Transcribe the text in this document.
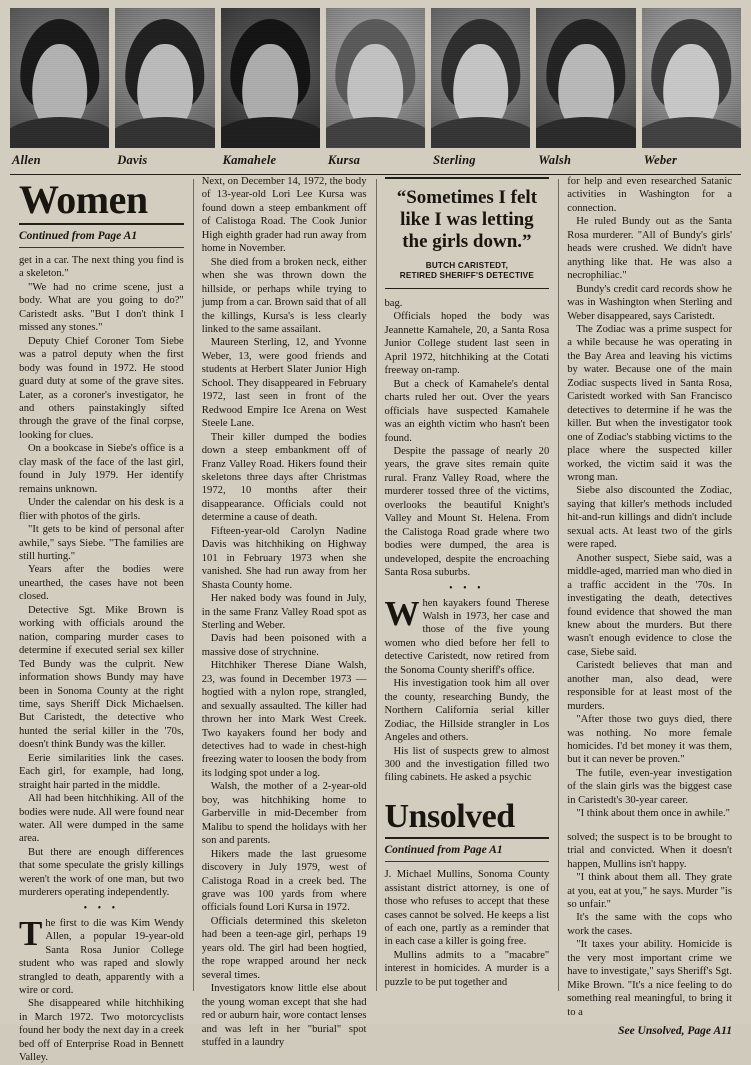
Allen	Davis	Kamahele	Kursa	Sterling	Walsh	Weber
Women
Continued from Page A1

get in a car. The next thing you find is a skeleton."

"We had no crime scene, just a body. What are you going to do?" Caristedt asks. "But I don't think I missed any stones."

Deputy Chief Coroner Tom Siebe was a patrol deputy when the first body was found in 1972. He stood guard duty at some of the grave sites. Later, as a coroner's investigator, he and others painstakingly sifted through the grave of the final corpse, looking for clues.

On a bookcase in Siebe's office is a clay mask of the face of the last girl, found in July 1979. Her identify remains unknown.

Under the calendar on his desk is a flier with photos of the girls.

"It gets to be kind of personal after awhile," says Siebe. "The families are still hurting."

Years after the bodies were unearthed, the cases have not been closed.

Detective Sgt. Mike Brown is working with officials around the nation, comparing murder cases to determine if executed serial sex killer Ted Bundy was the culprit. New information shows Bundy may have been in Sonoma County at the right time, says Sheriff Dick Michaelsen. But Caristedt, the detective who hunted the serial killer in the '70s, doesn't think Bundy was the killer.

Eerie similarities link the cases. Each girl, for example, had long, straight hair parted in the middle.

All had been hitchhiking. All of the bodies were nude. All were found near water. All were dumped in the same area.

But there are enough differences that some speculate the grisly killings weren't the work of one man, but two murderers operating independently.

• • •

The first to die was Kim Wendy Allen, a popular 19-year-old Santa Rosa Junior College student who was raped and slowly strangled to death, apparently with a wire or cord.

She disappeared while hitchhiking in March 1972. Two motorcyclists found her body the next day in a creek bed off of Enterprise Road in Bennett Valley.

Next, on December 14, 1972, the body of 13-year-old Lori Lee Kursa was found down a steep embankment off of Calistoga Road. The Cook Junior High eighth grader had run away from home in November.

She died from a broken neck, either when she was thrown down the hillside, or perhaps while trying to jump from a car. Brown said that of all the killings, Kursa's is less clearly linked to the same assailant.

Maureen Sterling, 12, and Yvonne Weber, 13, were good friends and students at Herbert Slater Junior High School. They disappeared in February 1972, last seen in front of the Redwood Empire Ice Arena on West Steele Lane.

Their killer dumped the bodies down a steep embankment off of Franz Valley Road. Hikers found their skeletons three days after Christmas 1972, 10 months after their disappearance. Officials could not determine a cause of death.

Fifteen-year-old Carolyn Nadine Davis was hitchhiking on Highway 101 in February 1973 when she vanished. She had run away from her Shasta County home.

Her naked body was found in July, in the same Franz Valley Road spot as Sterling and Weber.

Davis had been poisoned with a massive dose of strychnine.

Hitchhiker Therese Diane Walsh, 23, was found in December 1973 — hogtied with a nylon rope, strangled, and sexually assaulted. The killer had thrown her into Mark West Creek. Two kayakers found her body and detectives had to wade in chest-high freezing water to loosen the body from its lodging spot under a log.

Walsh, the mother of a 2-year-old boy, was hitchhiking home to Garberville in mid-December from Malibu to spend the holidays with her son and parents.

Hikers made the last gruesome discovery in July 1979, west of Calistoga Road in a creek bed. The grave was 100 yards from where officials found Lori Kursa in 1972.

Officials determined this skeleton had been a teen-age girl, perhaps 19 years old. The girl had been hogtied, the rope wrapped around her neck several times.

Investigators know little else about the young woman except that she had red or auburn hair, wore contact lenses and was left in her "burial" spot stuffed in a laundry

“Sometimes I felt like I was letting the girls down.”
BUTCH CARISTEDT,
RETIRED SHERIFF'S DETECTIVE

bag.

Officials hoped the body was Jeannette Kamahele, 20, a Santa Rosa Junior College student last seen in April 1972, hitchhiking at the Cotati freeway on-ramp.

But a check of Kamahele's dental charts ruled her out. Over the years officials have suspected Kamahele was an eighth victim who hasn't been found.

Despite the passage of nearly 20 years, the grave sites remain quite rural. Franz Valley Road, where the murderer tossed three of the victims, overlooks the beautiful Knight's Valley and Mount St. Helena. From the Calistoga Road grade where two bodies were dumped, the area is undeveloped, despite the encroaching Santa Rosa suburbs.

• • •

When kayakers found Therese Walsh in 1973, her case and those of the five young women who died before her fell to detective Caristedt, now retired from the Sonoma County sheriff's office.

His investigation took him all over the county, researching Bundy, the Northern California serial killer Zodiac, the Hillside strangler in Los Angeles and others.

His list of suspects grew to almost 300 and the investigation filled two filing cabinets. He asked a psychic

Unsolved
Continued from Page A1

J. Michael Mullins, Sonoma County assistant district attorney, is one of those who refuses to accept that these cases cannot be solved. He keeps a list of each one, partly as a reminder that in each case a killer is going free.

Mullins admits to a "macabre" interest in homicides. A murder is a puzzle to be put together and

for help and even researched Satanic activities in Washington for a connection.

He ruled Bundy out as the Santa Rosa murderer. "All of Bundy's girls' heads were crushed. We didn't have anything like that. He was also a necrophiliac."

Bundy's credit card records show he was in Washington when Sterling and Weber disappeared, says Caristedt.

The Zodiac was a prime suspect for a while because he was operating in the Bay Area and leaving his victims by water. Because one of the main Zodiac suspects lived in Santa Rosa, Caristedt worked with San Francisco detectives to determine if he was the killer. But when the investigator took one of Zodiac's stabbing victims to the place where the suspected killer worked, the victim said it was the wrong man.

Siebe also discounted the Zodiac, saying that killer's methods included hit-and-run killings and didn't include sexual acts. At least two of the girls were raped.

Another suspect, Siebe said, was a middle-aged, married man who died in a traffic accident in the '70s. In investigating the death, detectives found evidence that showed the man knew about the murders. But there wasn't enough evidence to close the case, Siebe said.

Caristedt believes that man and another man, also dead, were responsible for at least most of the murders.

"After those two guys died, there was nothing. No more female homicides. I'd bet money it was them, but it can never be proven."

The futile, even-year investigation of the slain girls was the biggest case in Caristedt's 30-year career.

"I think about them once in awhile."

solved; the suspect is to be brought to trial and convicted. When it doesn't happen, Mullins isn't happy.

"I think about them all. They grate at you, eat at you," he says. Murder "is so unfair."

It's the same with the cops who work the cases.

"It taxes your ability. Homicide is the very most important crime we have to investigate," says Sheriff's Sgt. Mike Brown. "It's a nice feeling to do something real meaningful, to bring it to a

See Unsolved, Page A11
